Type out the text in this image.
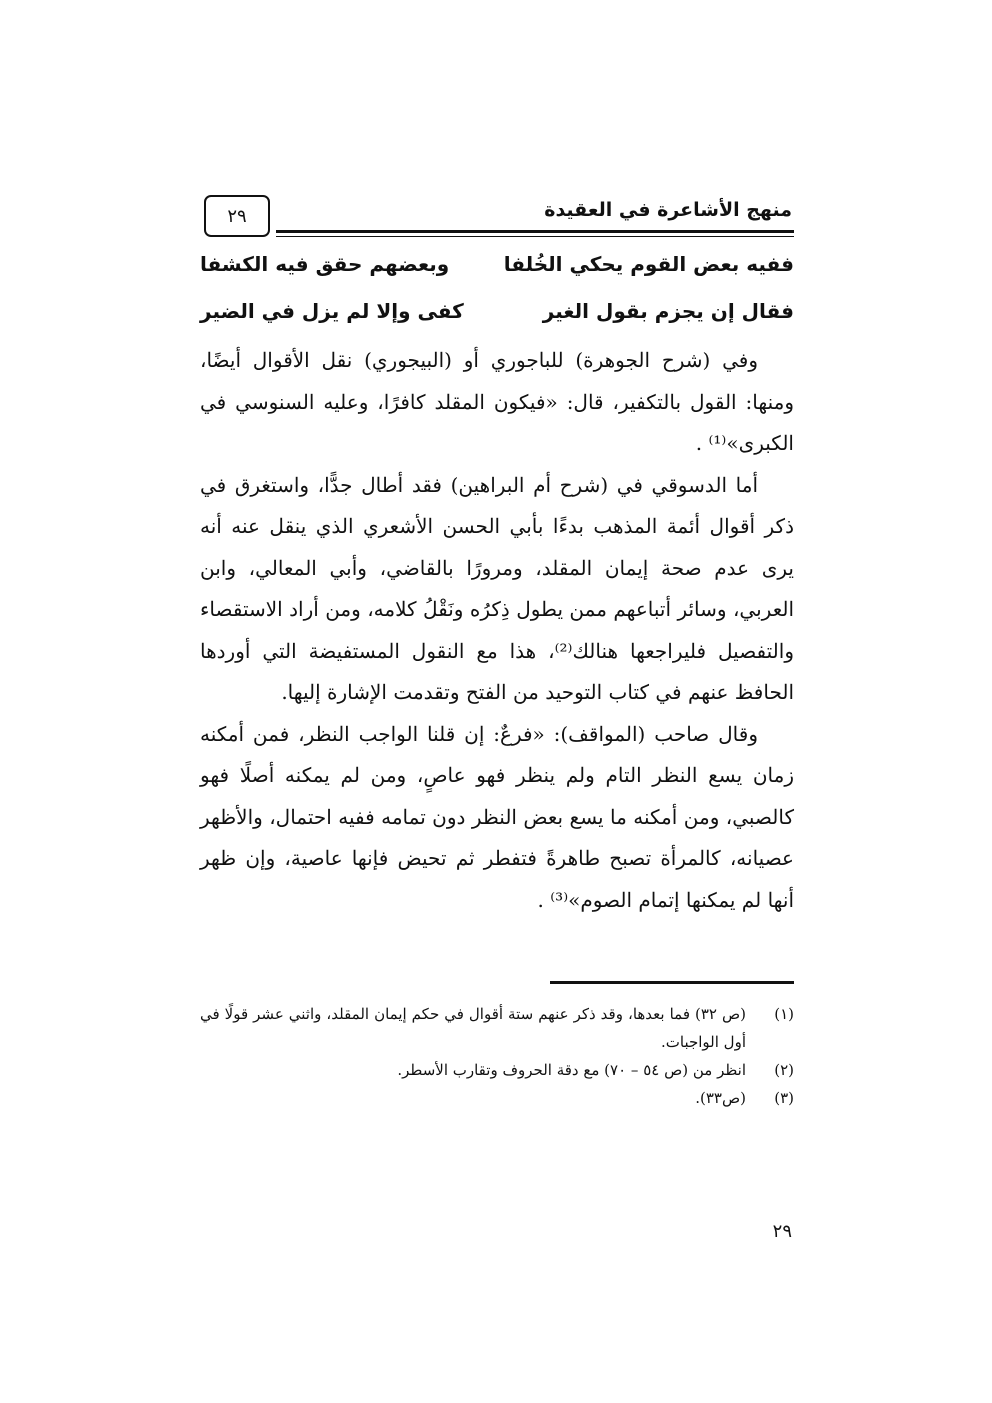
٢٩	منهج الأشاعرة في العقيدة
ففيه بعض القوم يحكي الخُلفا
وبعضهم حقق فيه الكشفا
فقال إن يجزم بقول الغير
كفى وإلا لم يزل في الضير

وفي (شرح الجوهرة) للباجوري أو (البيجوري) نقل الأقوال أيضًا، ومنها: القول بالتكفير، قال: «فيكون المقلد كافرًا، وعليه السنوسي في الكبرى»⁽¹⁾ .

أما الدسوقي في (شرح أم البراهين) فقد أطال جدًّا، واستغرق في ذكر أقوال أئمة المذهب بدءًا بأبي الحسن الأشعري الذي ينقل عنه أنه يرى عدم صحة إيمان المقلد، ومرورًا بالقاضي، وأبي المعالي، وابن العربي، وسائر أتباعهم ممن يطول ذِكرُه ونَقْلُ كلامه، ومن أراد الاستقصاء والتفصيل فليراجعها هنالك⁽²⁾، هذا مع النقول المستفيضة التي أوردها الحافظ عنهم في كتاب التوحيد من الفتح وتقدمت الإشارة إليها.

وقال صاحب (المواقف): «فرعٌ: إن قلنا الواجب النظر، فمن أمكنه زمان يسع النظر التام ولم ينظر فهو عاصٍ، ومن لم يمكنه أصلًا فهو كالصبي، ومن أمكنه ما يسع بعض النظر دون تمامه ففيه احتمال، والأظهر عصيانه، كالمرأة تصبح طاهرةً فتفطر ثم تحيض فإنها عاصية، وإن ظهر أنها لم يمكنها إتمام الصوم»⁽³⁾ .

(١)
(ص ٣٢) فما بعدها، وقد ذكر عنهم ستة أقوال في حكم إيمان المقلد، واثني عشر قولًا في أول الواجبات.
(٢)
انظر من (ص ٥٤ – ٧٠) مع دقة الحروف وتقارب الأسطر.
(٣)
(ص٣٣).
٢٩
